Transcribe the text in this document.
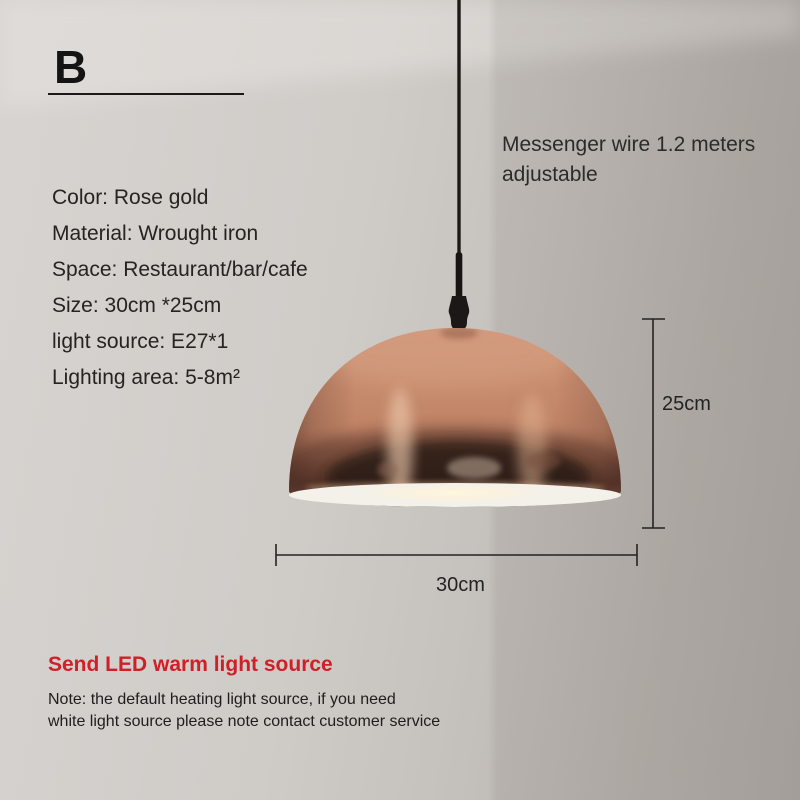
B
Messenger wire 1.2 meters
adjustable
Color: Rose gold
Material: Wrought iron
Space: Restaurant/bar/cafe
Size: 30cm *25cm
light source: E27*1
Lighting area: 5-8m²
25cm
30cm
Send LED warm light source
Note: the default heating light source, if you need
white light source please note contact customer service
